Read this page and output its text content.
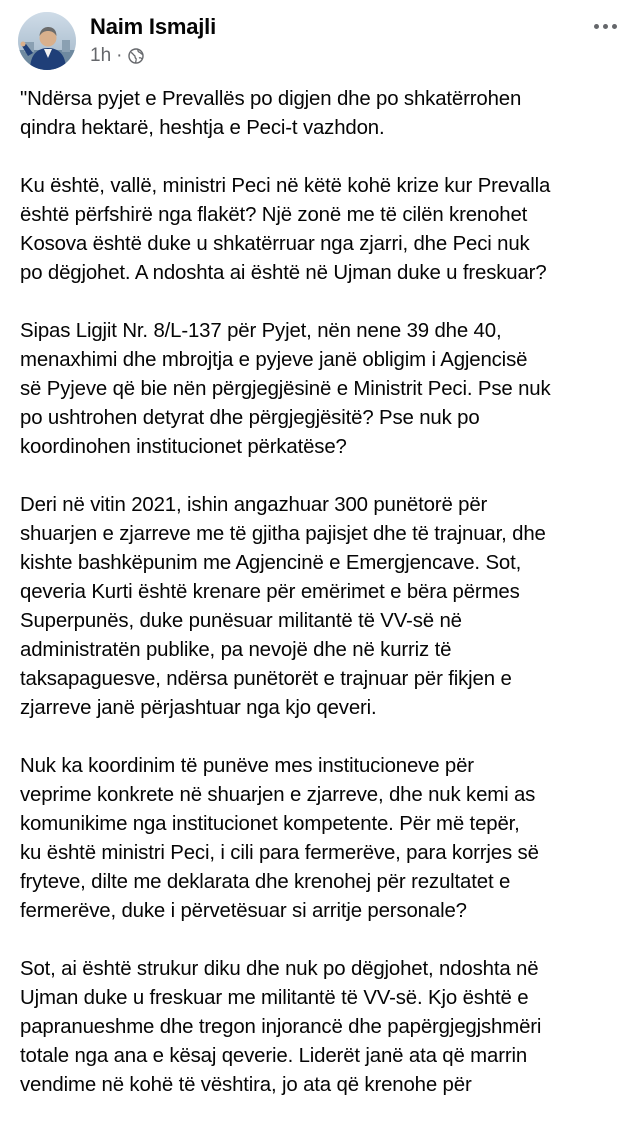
Naim Ismajli
1h ·

"Ndërsa pyjet e Prevallës po digjen dhe po shkatërrohen
qindra hektarë, heshtja e Peci-t vazhdon.

Ku është, vallë, ministri Peci në këtë kohë krize kur Prevalla
është përfshirë nga flakët? Një zonë me të cilën krenohet
Kosova është duke u shkatërruar nga zjarri, dhe Peci nuk
po dëgjohet. A ndoshta ai është në Ujman duke u freskuar?

Sipas Ligjit Nr. 8/L-137 për Pyjet, nën nene 39 dhe 40,
menaxhimi dhe mbrojtja e pyjeve janë obligim i Agjencisë
së Pyjeve që bie nën përgjegjësinë e Ministrit Peci. Pse nuk
po ushtrohen detyrat dhe përgjegjësitë? Pse nuk po
koordinohen institucionet përkatëse?

Deri në vitin 2021, ishin angazhuar 300 punëtorë për
shuarjen e zjarreve me të gjitha pajisjet dhe të trajnuar, dhe
kishte bashkëpunim me Agjencinë e Emergjencave. Sot,
qeveria Kurti është krenare për emërimet e bëra përmes
Superpunës, duke punësuar militantë të VV-së në
administratën publike, pa nevojë dhe në kurriz të
taksapaguesve, ndërsa punëtorët e trajnuar për fikjen e
zjarreve janë përjashtuar nga kjo qeveri.

Nuk ka koordinim të punëve mes institucioneve për
veprime konkrete në shuarjen e zjarreve, dhe nuk kemi as
komunikime nga institucionet kompetente. Për më tepër,
ku është ministri Peci, i cili para fermerëve, para korrjes së
fryteve, dilte me deklarata dhe krenohej për rezultatet e
fermerëve, duke i përvetësuar si arritje personale?

Sot, ai është strukur diku dhe nuk po dëgjohet, ndoshta në
Ujman duke u freskuar me militantë të VV-së. Kjo është e
papranueshme dhe tregon injorancë dhe papërgjegjshmëri
totale nga ana e kësaj qeverie. Liderët janë ata që marrin
vendime në kohë të vështira, jo ata që krenohe për
